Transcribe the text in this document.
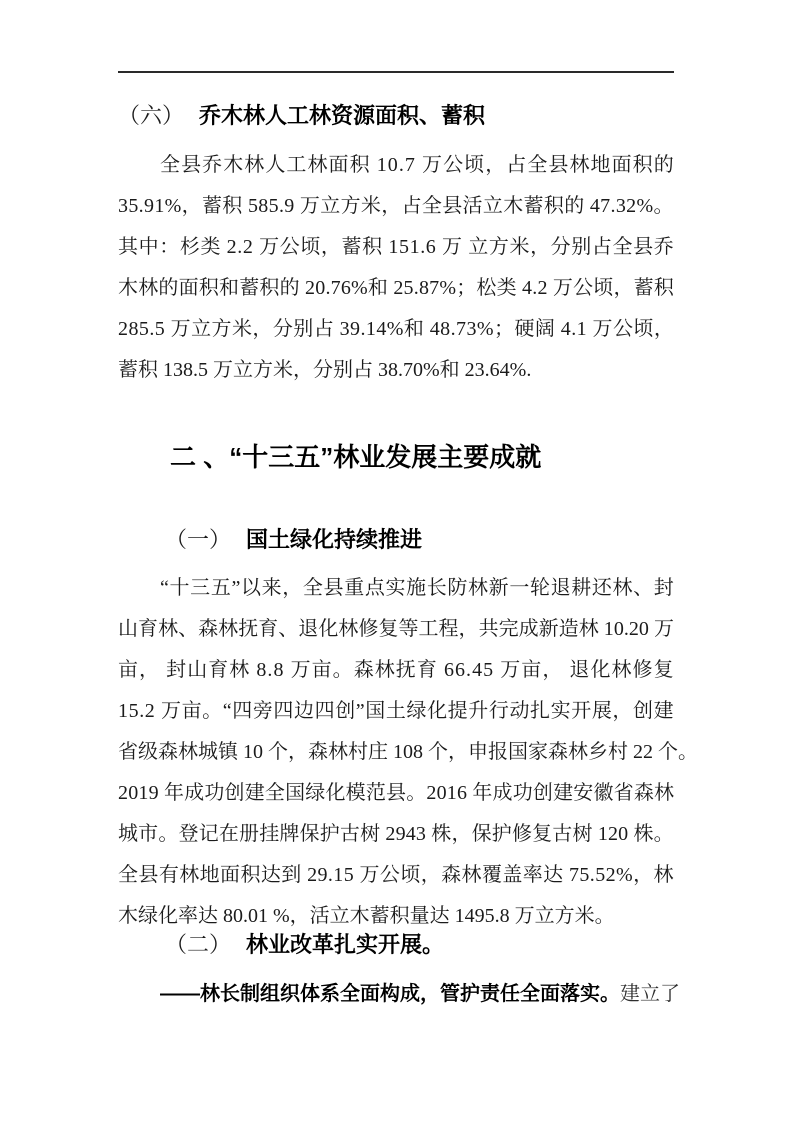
（六） 乔木林人工林资源面积、蓄积
全 县 乔 木 林 人 工 林 面 积
1 0 . 7
万 公 顷 ， 占 全 县 林 地 面 积 的
3 5 . 9 1 % ， 蓄 积
5 8 5 . 9
万 立 方 米 ， 占 全 县 活 立 木 蓄 积 的
4 7 . 3 2 % 。
其 中 ： 杉 类
2 . 2
万 公 顷 ， 蓄 积
1 5 1 . 6
万
立 方 米 ， 分 别 占 全 县 乔
木 林 的 面 积 和 蓄 积 的
2 0 . 7 6 % 和
2 5 . 8 7 % ； 松 类
4 . 2
万 公 顷 ， 蓄 积
2 8 5 . 5
万 立 方 米 ， 分 别 占
3 9 . 1 4 % 和
4 8 . 7 3 % ； 硬 阔
4 . 1
万 公 顷 ，
蓄积 138.5 万立方米，分别占 38.70%和 23.64%.
二 、“十三五”林业发展主要成就
（一） 国土绿化持续推进
“ 十 三 五 ” 以 来 ， 全 县 重 点 实 施 长 防 林 新 一 轮 退 耕 还 林 、 封
山 育 林 、 森 林 抚 育 、 退 化 林 修 复 等 工 程 ， 共 完 成 新 造 林
1 0 . 2 0
万
亩 ，
封 山 育 林
8 . 8
万 亩 。 森 林 抚 育
6 6 . 4 5
万 亩 ，
退 化 林 修 复
1 5 . 2
万 亩 。 “ 四 旁 四 边 四 创 ” 国 土 绿 化 提 升 行 动 扎 实 开 展 ， 创 建
省 级 森 林 城 镇
1 0
个 ， 森 林 村 庄
1 0 8
个 ， 申 报 国 家 森 林 乡 村
2 2
个 。
2 0 1 9
年 成 功 创 建 全 国 绿 化 模 范 县 。 2 0 1 6
年 成 功 创 建 安 徽 省 森 林
城 市 。 登 记 在 册 挂 牌 保 护 古 树
2 9 4 3
株 ， 保 护 修 复 古 树
1 2 0
株 。
全 县 有 林 地 面 积 达 到
2 9 . 1 5
万 公 顷 ， 森 林 覆 盖 率 达
7 5 . 5 2 % ， 林
木绿化率达 80.01 %，活立木蓄积量达 1495.8 万立方米。
（二） 林业改革扎实开展。
——林长制组织体系全面构成，管护责任全面落实。建立了
